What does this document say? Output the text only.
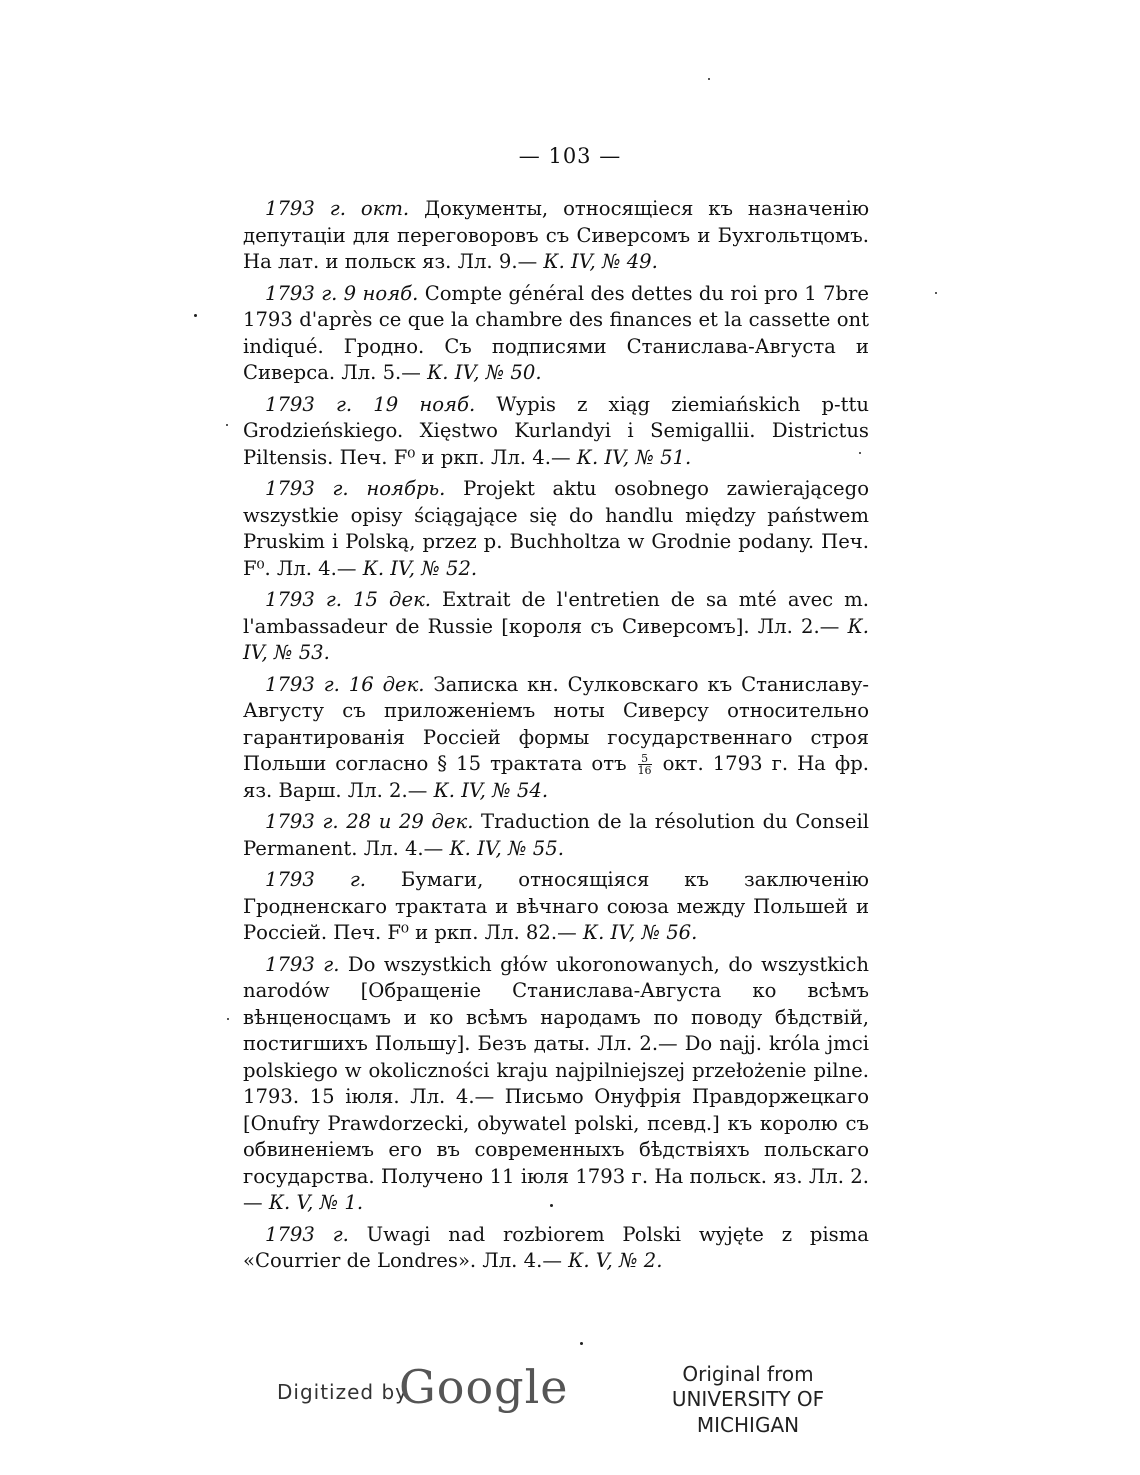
— 103 —

1793 г. окт. Документы, относящіеся къ назначенію депутаціи для переговоровъ съ Сиверсомъ и Бухгольтцомъ. На лат. и польск яз. Лл. 9.— К. IV, № 49.

1793 г. 9 нояб. Compte général des dettes du roi pro 1 7bre 1793 d'après ce que la chambre des finances et la cassette ont indiqué. Гродно. Съ подписями Станислава-Августа и Сиверса. Лл. 5.— К. IV, № 50.

1793 г. 19 нояб. Wypis z xiąg ziemiańskich p-ttu Grodzieńskiego. Xięstwo Kurlandyi i Semigallii. Districtus Piltensis. Печ. F⁰ и ркп. Лл. 4.— К. IV, № 51.

1793 г. ноябрь. Projekt aktu osobnego zawierającego wszystkie opisy ściągające się do handlu między państwem Pruskim i Polską, przez p. Buchholtza w Grodnie podany. Печ. F⁰. Лл. 4.— К. IV, № 52.

1793 г. 15 дек. Extrait de l'entretien de sa mté avec m. l'ambassadeur de Russie [короля съ Сиверсомъ]. Лл. 2.— К. IV, № 53.

1793 г. 16 дек. Записка кн. Сулковскаго къ Станиславу-Августу съ приложеніемъ ноты Сиверсу относительно гарантированія Россіей формы государственнаго строя Польши согласно § 15 трактата отъ $\frac{5}{16}$ окт. 1793 г. На фр. яз. Варш. Лл. 2.— К. IV, № 54.

1793 г. 28 и 29 дек. Traduction de la résolution du Conseil Permanent. Лл. 4.— К. IV, № 55.

1793 г. Бумаги, относящіяся къ заключенію Гродненскаго трактата и вѣчнаго союза между Польшей и Россіей. Печ. F⁰ и ркп. Лл. 82.— К. IV, № 56.

1793 г. Do wszystkich głów ukoronowanych, do wszystkich narodów [Обращеніе Станислава-Августа ко всѣмъ вѣнценосцамъ и ко всѣмъ народамъ по поводу бѣдствій, постигшихъ Польшу]. Безъ даты. Лл. 2.— Do najj. króla jmci polskiego w okoliczności kraju najpilniejszej przełożenie pilne. 1793. 15 іюля. Лл. 4.— Письмо Онуфрія Правдоржецкаго [Onufry Prawdorzecki, obywatel polski, псевд.] къ королю съ обвиненіемъ его въ современныхъ бѣдствіяхъ польскаго государства. Получено 11 іюля 1793 г. На польск. яз. Лл. 2.— К. V, № 1.

1793 г. Uwagi nad rozbiorem Polski wyjęte z pisma «Courrier de Londres». Лл. 4.— К. V, № 2.

Digitized by
Google	Original from
UNIVERSITY OF MICHIGAN
